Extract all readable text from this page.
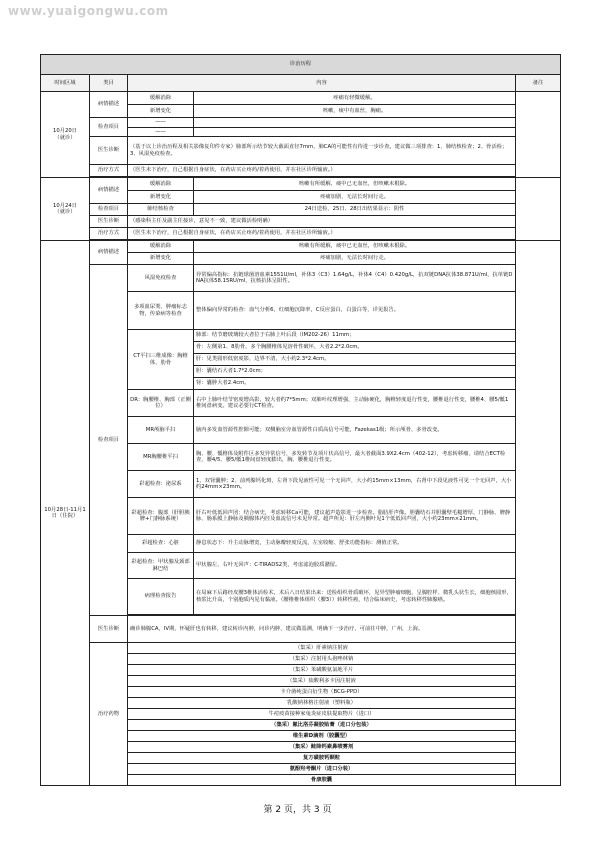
www.yuaigongwu.com
诊治历程				
时间区域	类目	内容		备注
10月20日
（就诊）	病情描述	缓解消除	疼痛有轻微缓解。	
		新增变化	咳嗽，痰中有血丝，胸痛。	
	检查项目	——		
		——		
	医生诊断	（基于以上诊治历程及相关影像复印件专家）肺部所示结节较大截面直径7mm，肺CA的可能性有待进一步诊查。建议做三项排查：1、肺结核检查；2、骨活检；3、风湿免疫检查。		
	治疗方式	（医生未下治疗，自己根据自身症状，在药店买止疼药/着药使用，并在社区诊所输液。）		

10月24日
（就诊）	病情描述	缓解消除	咳嗽有所缓解，痰中已无血丝，但咳嗽未根除。	
		新增变化	疼痛加剧，无法长时间行走。	
	检查项目	肺结核检查	24日送检，25日、28日出结果显示：阴性	
	医生诊断	（感染科主任及副主任接诊，意见不一致，建议做活检明确）		
	治疗方式	（医生未下治疗，自己根据自身症状，在药店买止疼药/着药使用，并在社区诊所输液。）		

10月28日-11月1日（住院）	病情描述	缓解消除	咳嗽有所缓解，痰中已无血丝，但咳嗽未根除。	
		新增变化	疼痛加剧，无法长时间行走。	
	检查项目	风湿免疫检查	异常偏高指标：抗链球菌溶血素1551U/ml，补体3（C3）1.64g/L，补体4（C4）0.420g/L，抗双链DNA抗体38.871U/ml，抗单链DNA抗体58.15RU/ml，抗核抗体呈阳性。	
		多项血尿粪、肿瘤标志物，传染病等检查	整体偏向异常的检查：血气分析6，红细胞沉降率，C反应蛋白，白蛋白等，详见报告。	
		CT平扫三维成像：胸椎体、肋骨	肺部：结节磨玻璃较大者位于右肺上叶后段（IM202-26）11mm；	
			骨：左侧第1、8肋骨，多个胸腰椎体见溶骨性破坏，大者2.2*2.0cm。	
			肝：见类圆形低密度影，边界不清，大小约2.3*2.4cm。	
			胆：囊结石大者1.7*2.0cm；	
			肾：囊肿大者2.4cm。	
		DR：胸腰椎、胸部（正侧位）	右中上肺叶结节密度增高影，较大者约7*5mm；双肺叶纹理增强，主动脉硬化，胸椎轻度退行性变，腰椎退行性变，腰椎4、腰5/骶1椎间盘病变。建议必要行CT检查。	
		MR颅脑平扫	脑内多发血管源性腔隙可能；双侧脑室旁血管源性白质高信号可能，Fazekas1级；所示颅骨、多骨改变。	
		MR胸腰椎平扫	胸、腰、骶椎体及附件区多发异常信号，多发转节及项片状高信号，最大者截面3.9X2.4cm（402-12），考虑转移瘤，请结合ECT检查，腰4/5、腰5/骶1椎间盘轻度膨出，胸、腰椎退行性变。	
		彩超检查：泌尿系	1、双肾囊肿；2、前列腺钙化斑，左肾下段见液性可见一个无回声，大小约15mm×13mm，右肾中下段见液性可见一个无回声，大小约24mm×23mm。	
		彩超检查：腹部（肝胆胰脾+门静脉系统）	肝右叶低低回声团：结合病史，考虑转移Ca可能，建议超声造影进一步检查。脂肪肝声像。胆囊结石并胆囊壁毛糙增厚，门静脉、脾静脉、肠系膜上静脉及胰腺体内径及血流信号未见异常。超声所见：肝左内侧叶见1个低低回声团，大小约23mm×21mm。	
		彩超检查：心脏	静息状态下：升主动脉增宽，主动脉瓣轻度反流，左室收缩、舒张功能指标：测值正常。	
		彩超检查：甲状腺及颈部淋巴结	甲状腺左、右叶无回声：C-TIRADS2类，考虑滤泡胶质潴留。	
		病理检查报告	在局麻下后路经皮腰3椎体活检术，术后八日结果出来：送检组织骨质破坏，见异型肿瘤细胞，呈腺腔样、微乳头状生长，细胞核圆形，核浆比升高，个别胞质内见有黏液。（腰椎椎体组织（腰3））转移性癌，结合临床病史，考虑转移性肺腺癌。	

	医生诊断	确诊肺腺CA，IV期，怀疑肝也有转移，建议转诊内肿，问诊内肿，建议做基测，明确下一步治疗，可前往中肿，广州，上海。		
	治疗药物	（集采）肝素钠注射液		
		（集采）注射用头孢唑林钠		
		（集采）苯磺酸氨氯地平片		
		（集采）盐酸利多卡因注射液		
		卡介菌纯蛋白衍生物（BCG-PPD）		
		乳酸钠林格注射液（塑料瓶）		
		牛痘疫苗接种家兔炎症皮肤提取物片（进口）		
		（集采）氟比洛芬凝胶贴膏（进口分包装）		
		维生素D滴剂（胶囊型）		
		（集采）鲑降钙素鼻喷雾剂		
		复方磺胺钙颗粒		
		氨酚羟考酮片（进口分装）		
		骨康胶囊		
第 2 页，共 3 页
